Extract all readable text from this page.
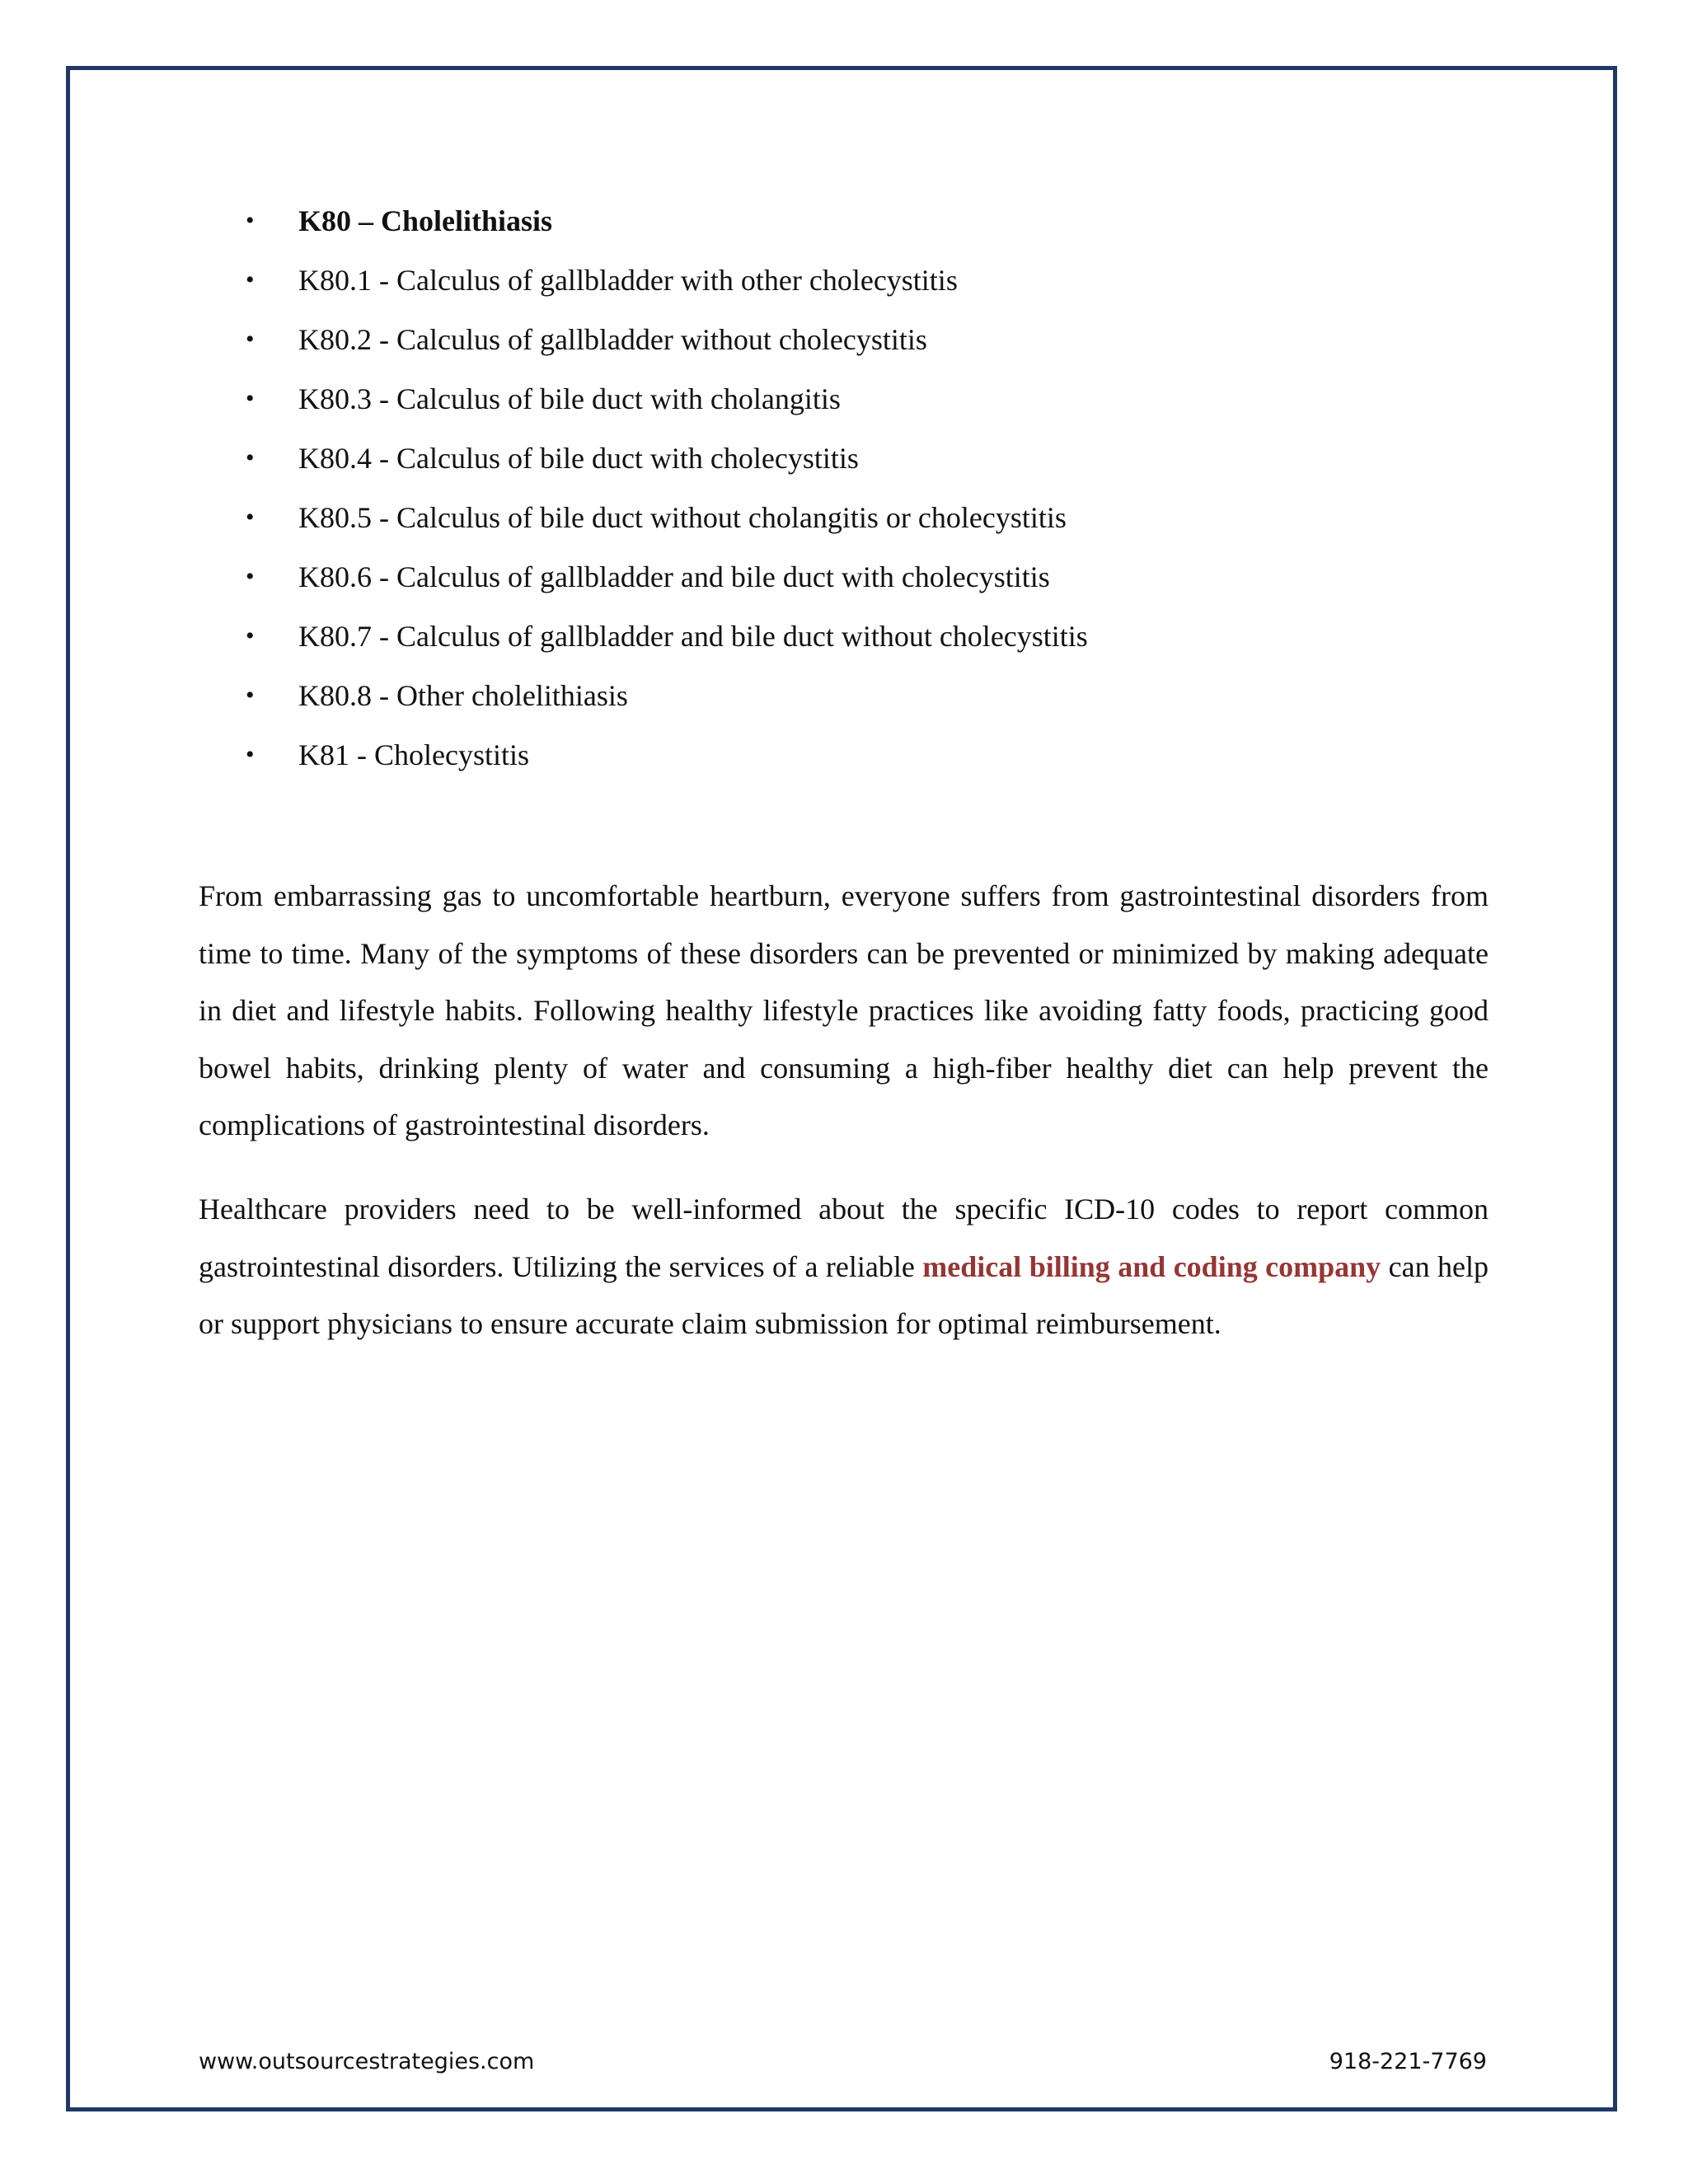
• K80 – Cholelithiasis
• K80.1 - Calculus of gallbladder with other cholecystitis
• K80.2 - Calculus of gallbladder without cholecystitis
• K80.3 - Calculus of bile duct with cholangitis
• K80.4 - Calculus of bile duct with cholecystitis
• K80.5 - Calculus of bile duct without cholangitis or cholecystitis
• K80.6 - Calculus of gallbladder and bile duct with cholecystitis
• K80.7 - Calculus of gallbladder and bile duct without cholecystitis
• K80.8 - Other cholelithiasis
• K81 - Cholecystitis

From embarrassing gas to uncomfortable heartburn, everyone suffers from gastrointestinal disorders from time to time. Many of the symptoms of these disorders can be prevented or minimized by making adequate in diet and lifestyle habits. Following healthy lifestyle practices like avoiding fatty foods, practicing good bowel habits, drinking plenty of water and consuming a high-fiber healthy diet can help prevent the complications of gastrointestinal disorders.

Healthcare providers need to be well-informed about the specific ICD-10 codes to report common gastrointestinal disorders. Utilizing the services of a reliable medical billing and coding company can help or support physicians to ensure accurate claim submission for optimal reimbursement.

www.outsourcestrategies.com	918-221-7769
